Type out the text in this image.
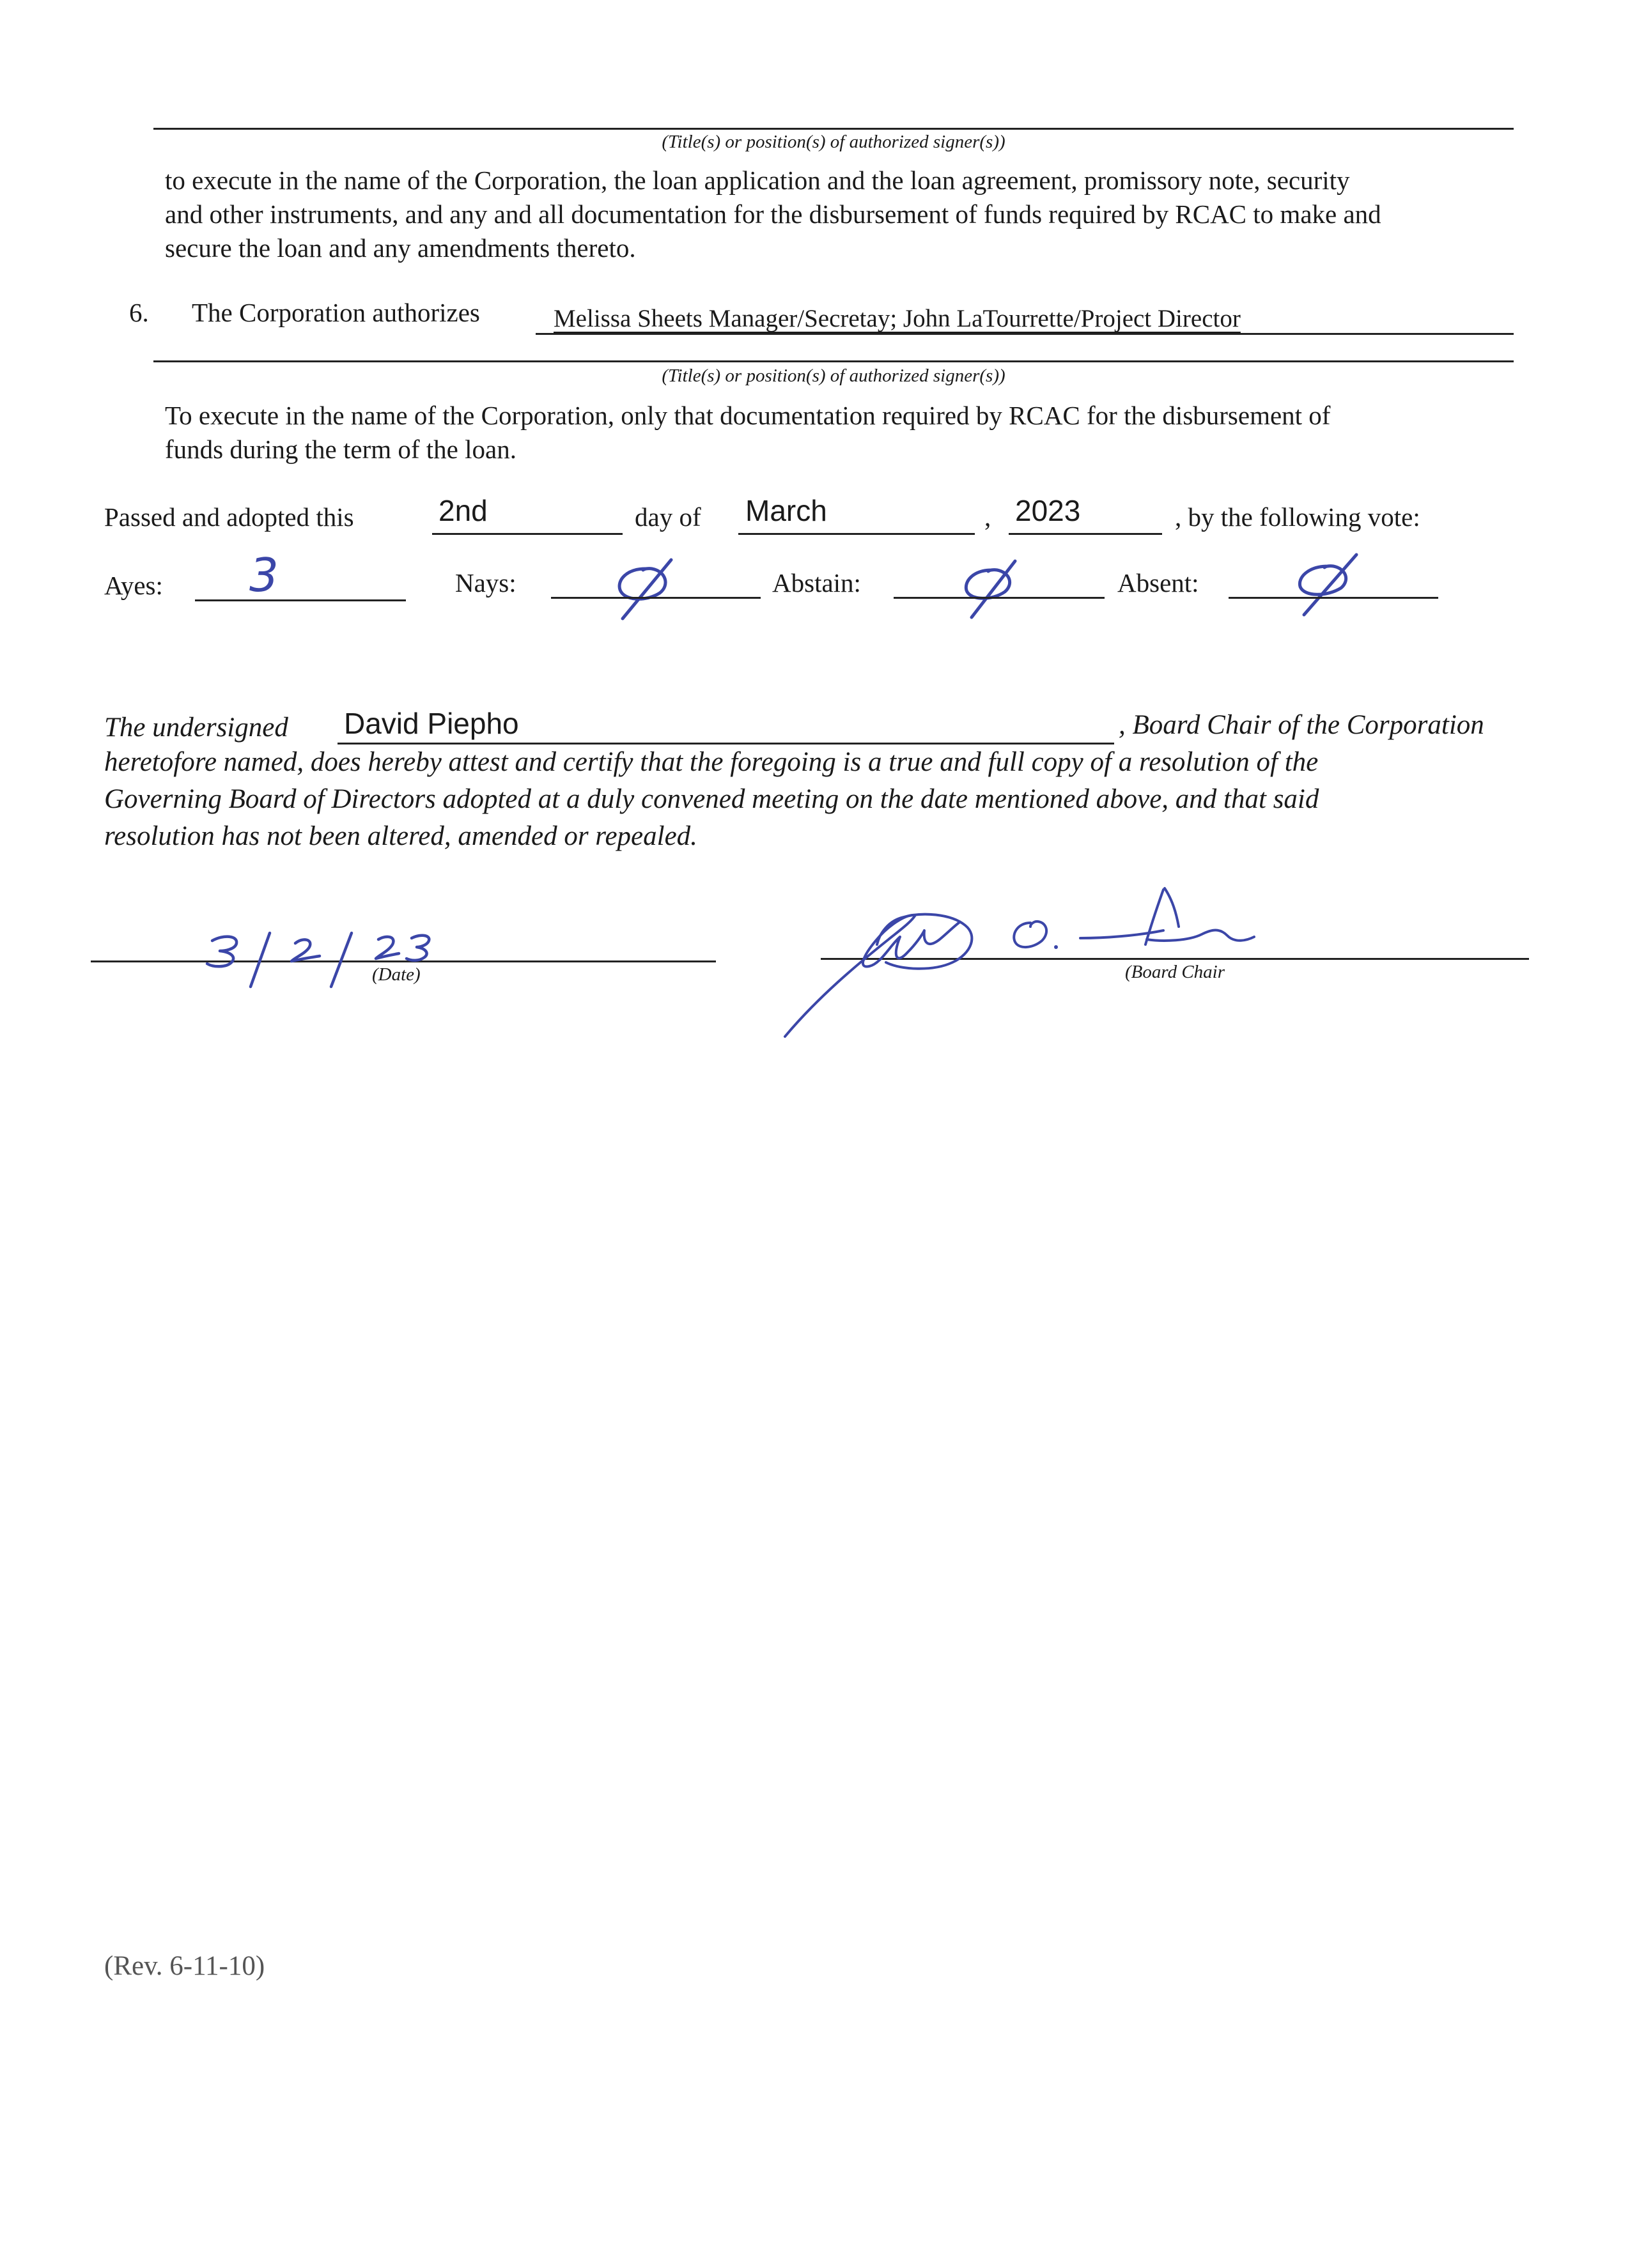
(Title(s) or position(s) of authorized signer(s))
to execute in the name of the Corporation, the loan application and the loan agreement, promissory note, security
and other instruments, and any and all documentation for the disbursement of funds required by RCAC to make and
secure the loan and any amendments thereto.
6. The Corporation authorizes	Melissa Sheets Manager/Secretay; John LaTourrette/Project Director
(Title(s) or position(s) of authorized signer(s))
To execute in the name of the Corporation, only that documentation required by RCAC for the disbursement of
funds during the term of the loan.
Passed and adopted this	2nd	day of March	, 2023	, by the following vote:
Ayes: 3	Nays:	Abstain:	Absent:
The undersigned David Piepho	, Board Chair of the Corporation
heretofore named, does hereby attest and certify that the foregoing is a true and full copy of a resolution of the
Governing Board of Directors adopted at a duly convened meeting on the date mentioned above, and that said
resolution has not been altered, amended or repealed.
(Date)	(Board Chair
(Rev. 6-11-10)
